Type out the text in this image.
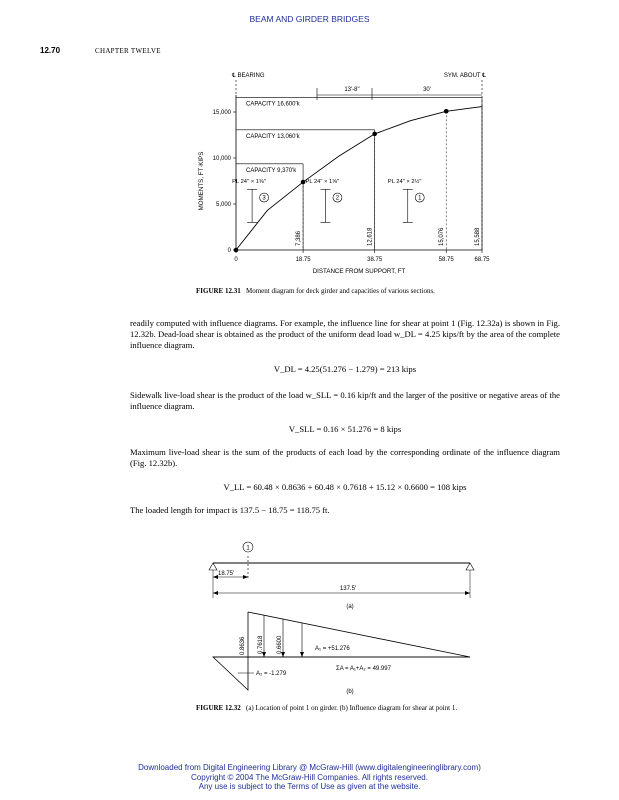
BEAM AND GIRDER BRIDGES
12.70	CHAPTER TWELVE
℄ BEARING	SYM. ABOUT ℄
13'-8"	30'
0
5,000
10,000
15,000
0	18.75	38.75	58.75	68.75
DISTANCE FROM SUPPORT, FT
MOMENTS, FT·KIPS
CAPACITY 16,600'k
CAPACITY 13,060'k
CAPACITY 9,370'k
7,386	12,618	15,076	15,588
PL 24" × 1⅜"
3
PL 24" × 1⅝"
2
PL 24" × 2½"
1
1
18.75'
137.5'
(a)
0.8636 0.7618 0.6600	A₁ = +51.276
ΣA = A₁+A₂ = 49.997
A₂ = -1.279
(b)
FIGURE 12.31 Moment diagram for deck girder and capacities of various sections.
readily computed with influence diagrams. For example, the influence line for shear at point 1 (Fig. 12.32a) is shown in Fig. 12.32b. Dead-load shear is obtained as the product of the uniform dead load w_DL = 4.25 kips/ft by the area of the complete influence diagram.
V_DL = 4.25(51.276 − 1.279) = 213 kips
Sidewalk live-load shear is the product of the load w_SLL = 0.16 kip/ft and the larger of the positive or negative areas of the influence diagram.
V_SLL = 0.16 × 51.276 = 8 kips
Maximum live-load shear is the sum of the products of each load by the corresponding ordinate of the influence diagram (Fig. 12.32b).
V_LL = 60.48 × 0.8636 + 60.48 × 0.7618 + 15.12 × 0.6600 = 108 kips
The loaded length for impact is 137.5 − 18.75 = 118.75 ft.
FIGURE 12.32 (a) Location of point 1 on girder. (b) Influence diagram for shear at point 1.
Downloaded from Digital Engineering Library @ McGraw-Hill (www.digitalengineeringlibrary.com)
Copyright © 2004 The McGraw-Hill Companies. All rights reserved.
Any use is subject to the Terms of Use as given at the website.
